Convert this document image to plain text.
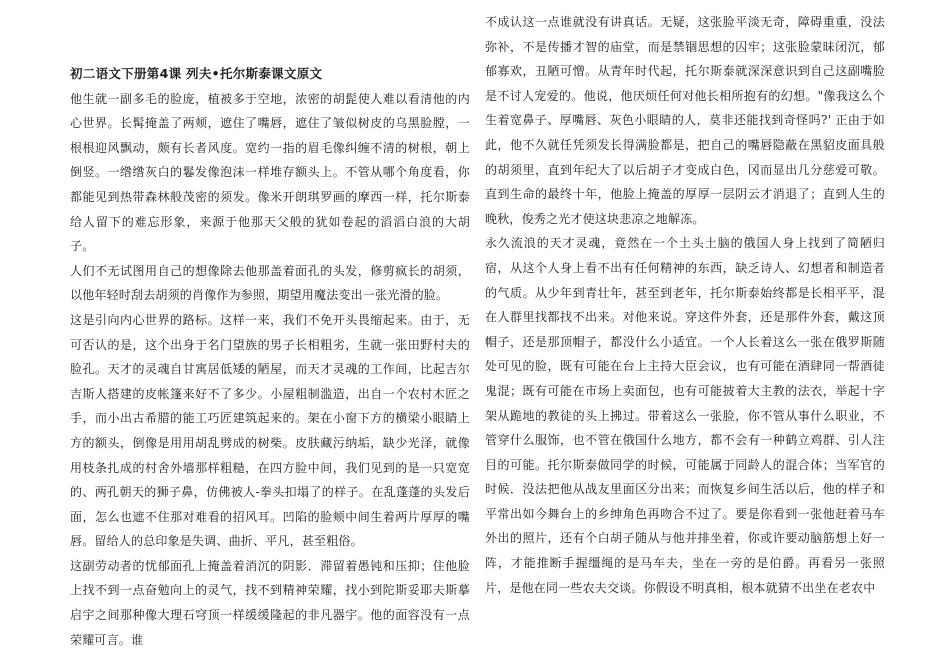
初二语文下册第4课 列夫•托尔斯泰课文原文

他生就一副多毛的脸庞，植被多于空地，浓密的胡髭使人难以看清他的内心世界。长髯掩盖了两颊，遮住了嘴唇，遮住了皱似树皮的乌黑脸膛，一根根迎风飘动，颇有长者风度。宽约一指的眉毛像纠缠不清的树根，朝上倒竖。一绺绺灰白的鬈发像泡沫一样堆存额头上。不管从哪个角度看，你都能见到热带森林般茂密的须发。像米开朗琪罗画的摩西一样，托尔斯泰给人留下的难忘形象，来源于他那天父般的犹如卷起的滔滔白浪的大胡子。

人们不无试图用自己的想像除去他那盖着面孔的头发，修剪疯长的胡须，以他年轻时刮去胡须的肖像作为参照，期望用魔法变出一张光滑的脸。

这是引向内心世界的路标。这样一来，我们不免开头畏缩起来。由于，无可否认的是，这个出身于名门望族的男子长相粗劣，生就一张田野村夫的脸孔。天才的灵魂自甘寓居低矮的陋屋，而天才灵魂的工作间，比起吉尔吉斯人搭建的皮帐篷来好不了多少。小屋粗制滥造，出自一个农村木匠之手，而小出古希腊的能工巧匠建筑起来的。架在小窗下方的横梁小眼睛上方的额头，倒像是用用胡乱劈成的树柴。皮肤藏污纳垢，缺少光泽，就像用枝条扎成的村舍外墙那样粗糙，在四方脸中间，我们见到的是一只宽宽的、两孔朝天的狮子鼻，仿佛被人-拳头扣塌了的样子。在乱蓬蓬的头发后面，怎么也遮不住那对难看的招风耳。凹陷的脸颊中间生着两片厚厚的嘴唇。留给人的总印象是失调、曲折、平凡，甚至粗俗。

这副劳动者的忧郁面孔上掩盖着消沉的阴影．滞留着愚钝和压抑；住他脸上找不到一点奋勉向上的灵气，找不到精神荣耀，找小到陀斯妥耶夫斯摹启宇之间那种像大理石穹顶一样缓缓隆起的非凡器宇。他的面容没有一点荣耀可言。谁

不成认这一点谁就没有讲真话。无疑，这张脸平淡无奇，障碍重重，没法弥补，不是传播才智的庙堂，而是禁锢思想的囚牢；这张脸蒙昧闭沉，郁郁寡欢，丑陋可憎。从青年时代起，托尔斯泰就深深意识到自己这副嘴脸是不讨人宠爱的。他说，他厌烦任何对他长相所抱有的幻想。"像我这么个生着宽鼻子、厚嘴唇、灰色小眼睛的人，莫非还能找到奇怪吗?' 正由于如此，他不久就任凭须发长得满脸都是，把自己的嘴唇隐蔽在黑貂皮面具般的胡须里，直到年纪大了以后胡子才变成白色，冈而显出几分慈爱可敬。直到生命的最终十年，他脸上掩盖的厚厚一层阴云才消退了；直到人生的晚秋，俊秀之光才使这块悲凉之地解冻。

永久流浪的天才灵魂，竟然在一个土头土脑的俄国人身上找到了简陋归宿，从这个人身上看不出有任何精神的东西，缺乏诗人、幻想者和制造者的气质。从少年到青壮年，甚至到老年，托尔斯泰始终都是长相平平，混在人群里找都找不出来。对他来说。穿这件外套，还是那件外套，戴这顶帽子，还是那顶帽子，都没什么小适宜。一个人长着这么一张在俄罗斯随处可见的脸，既有可能在台上主持大臣会议，也有可能在酒肆同一帮酒徒鬼混；既有可能在市场上卖面包，也有可能披着大主教的法衣，举起十字架从跪地的教徒的头上拂过。带着这么一张脸，你不管从事什么职业，不管穿什么服饰，也不管在俄国什么地方，都不会有一种鹤立鸡群、引人注目的可能。托尔斯泰做同学的时候，可能属于同龄人的混合体；当军官的时候．没法把他从战友里面区分出来；而恢复乡间生活以后，他的样子和平常出如今舞台上的乡绅角色再吻合不过了。要是你看到一张他赶着马车外出的照片，还有个白胡子随从与他并排坐着，你或许要动脑筋想上好一阵，才能推断手握缰绳的是马车夫，坐在一旁的是伯爵。再看另一张照片，是他在同一些农夫交谈。你假设不明真相，根本就猜不出坐在老农中
